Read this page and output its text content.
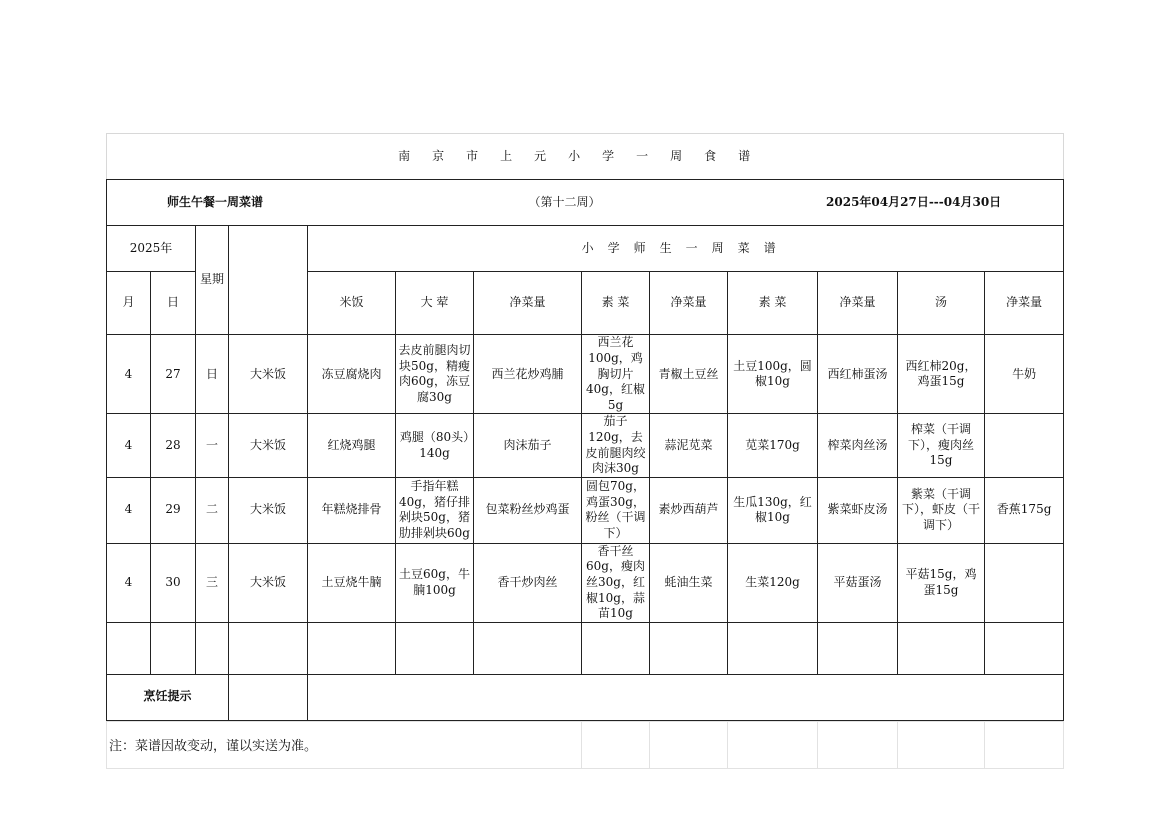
南京市上元小学一周食谱													

师生午餐一周菜谱 （第十二周） 2025年04月27日---04月30日													

2025年		星期		小学师生一周菜谱									
月	日			米饭	大 荤	净菜量	素 菜	净菜量	素 菜	净菜量	汤	净菜量	
4	27	日	大米饭	冻豆腐烧肉	去皮前腿肉切块50g，精瘦肉60g，冻豆腐30g	西兰花炒鸡脯	西兰花 100g，鸡胸切片40g，红椒5g	青椒土豆丝	土豆100g，圆椒10g	西红柿蛋汤	西红柿20g，鸡蛋15g	牛奶	
4	28	一	大米饭	红烧鸡腿	鸡腿（80头）140g	肉沫茄子	茄子120g，去皮前腿肉绞肉沫30g	蒜泥苋菜	苋菜170g	榨菜肉丝汤	榨菜（干调下），瘦肉丝15g		
4	29	二	大米饭	年糕烧排骨	手指年糕40g，猪仔排剁块50g，猪肋排剁块60g	包菜粉丝炒鸡蛋	圆包70g，鸡蛋30g，粉丝（干调下）	素炒西葫芦	生瓜130g，红椒10g	紫菜虾皮汤	紫菜（干调下），虾皮（干调下）	香蕉175g	
4	30	三	大米饭	土豆烧牛腩	土豆60g，牛腩100g	香干炒肉丝	香干丝60g，瘦肉丝30g，红椒10g，蒜苗10g	蚝油生菜	生菜120g	平菇蛋汤	平菇15g，鸡蛋15g		

烹饪提示													
注：菜谱因故变动，谨以实送为准。						
